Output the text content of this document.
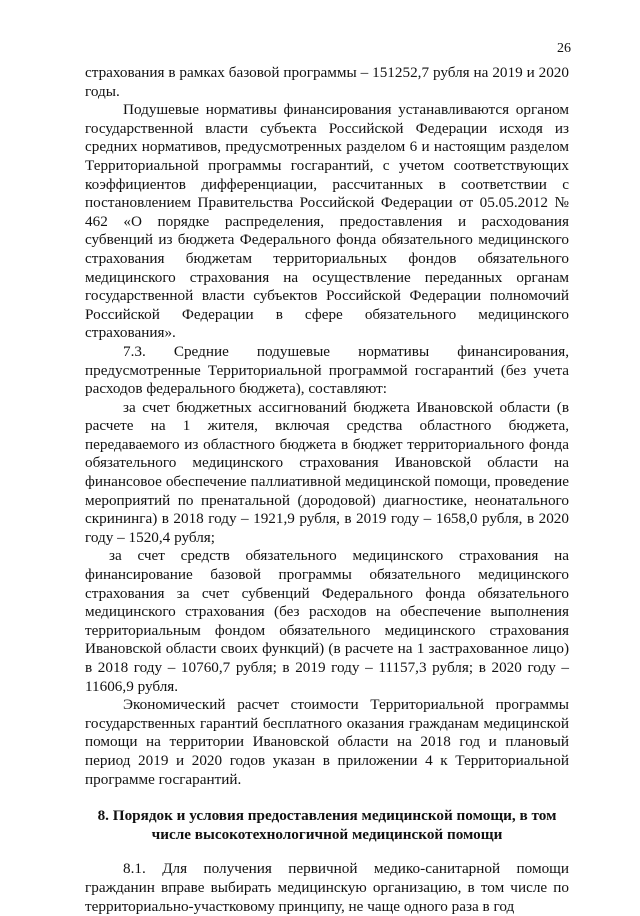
26

страхования в рамках базовой программы – 151252,7 рубля на 2019 и 2020 годы.

Подушевые нормативы финансирования устанавливаются органом государственной власти субъекта Российской Федерации исходя из средних нормативов, предусмотренных разделом 6 и настоящим разделом Территориальной программы госгарантий, с учетом соответствующих коэффициентов дифференциации, рассчитанных в соответствии с постановлением Правительства Российской Федерации от 05.05.2012 № 462 «О порядке распределения, предоставления и расходования субвенций из бюджета Федерального фонда обязательного медицинского страхования бюджетам территориальных фондов обязательного медицинского страхования на осуществление переданных органам государственной власти субъектов Российской Федерации полномочий Российской Федерации в сфере обязательного медицинского страхования».

7.3. Средние подушевые нормативы финансирования, предусмотренные Территориальной программой госгарантий (без учета расходов федерального бюджета), составляют:

за счет бюджетных ассигнований бюджета Ивановской области (в расчете на 1 жителя, включая средства областного бюджета, передаваемого из областного бюджета в бюджет территориального фонда обязательного медицинского страхования Ивановской области на финансовое обеспечение паллиативной медицинской помощи, проведение мероприятий по пренатальной (дородовой) диагностике, неонатального скрининга) в 2018 году – 1921,9 рубля, в 2019 году – 1658,0 рубля, в 2020 году – 1520,4 рубля;

за счет средств обязательного медицинского страхования на финансирование базовой программы обязательного медицинского страхования за счет субвенций Федерального фонда обязательного медицинского страхования (без расходов на обеспечение выполнения территориальным фондом обязательного медицинского страхования Ивановской области своих функций) (в расчете на 1 застрахованное лицо) в 2018 году – 10760,7 рубля; в 2019 году – 11157,3 рубля; в 2020 году – 11606,9 рубля.

Экономический расчет стоимости Территориальной программы государственных гарантий бесплатного оказания гражданам медицинской помощи на территории Ивановской области на 2018 год и плановый период 2019 и 2020 годов указан в приложении 4 к Территориальной программе госгарантий.

8. Порядок и условия предоставления медицинской помощи, в том числе высокотехнологичной медицинской помощи

8.1. Для получения первичной медико-санитарной помощи гражданин вправе выбирать медицинскую организацию, в том числе по территориально-участковому принципу, не чаще одного раза в год
